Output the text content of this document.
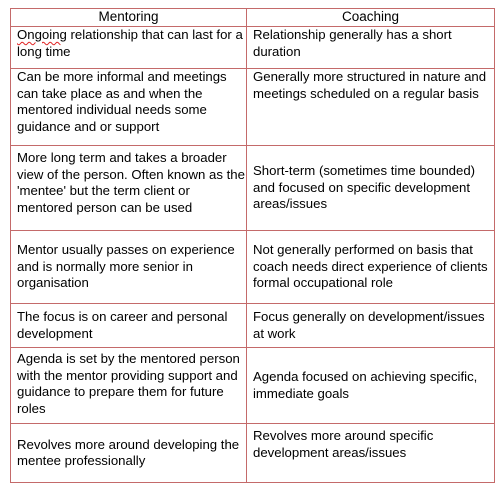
Mentoring	Coaching

Ongoing relationship that can last for a long time	Relationship generally has a short duration

Can be more informal and meetings can take place as and when the mentored individual needs some guidance and or support	Generally more structured in nature and meetings scheduled on a regular basis

More long term and takes a broader view of the person. Often known as the 'mentee' but the term client or mentored person can be used	Short-term (sometimes time bounded) and focused on specific development areas/issues

Mentor usually passes on experience and is normally more senior in organisation	Not generally performed on basis that coach needs direct experience of clients formal occupational role

The focus is on career and personal development	Focus generally on development/issues at work

Agenda is set by the mentored person with the mentor providing support and guidance to prepare them for future roles	Agenda focused on achieving specific, immediate goals

Revolves more around developing the mentee professionally	Revolves more around specific development areas/issues
